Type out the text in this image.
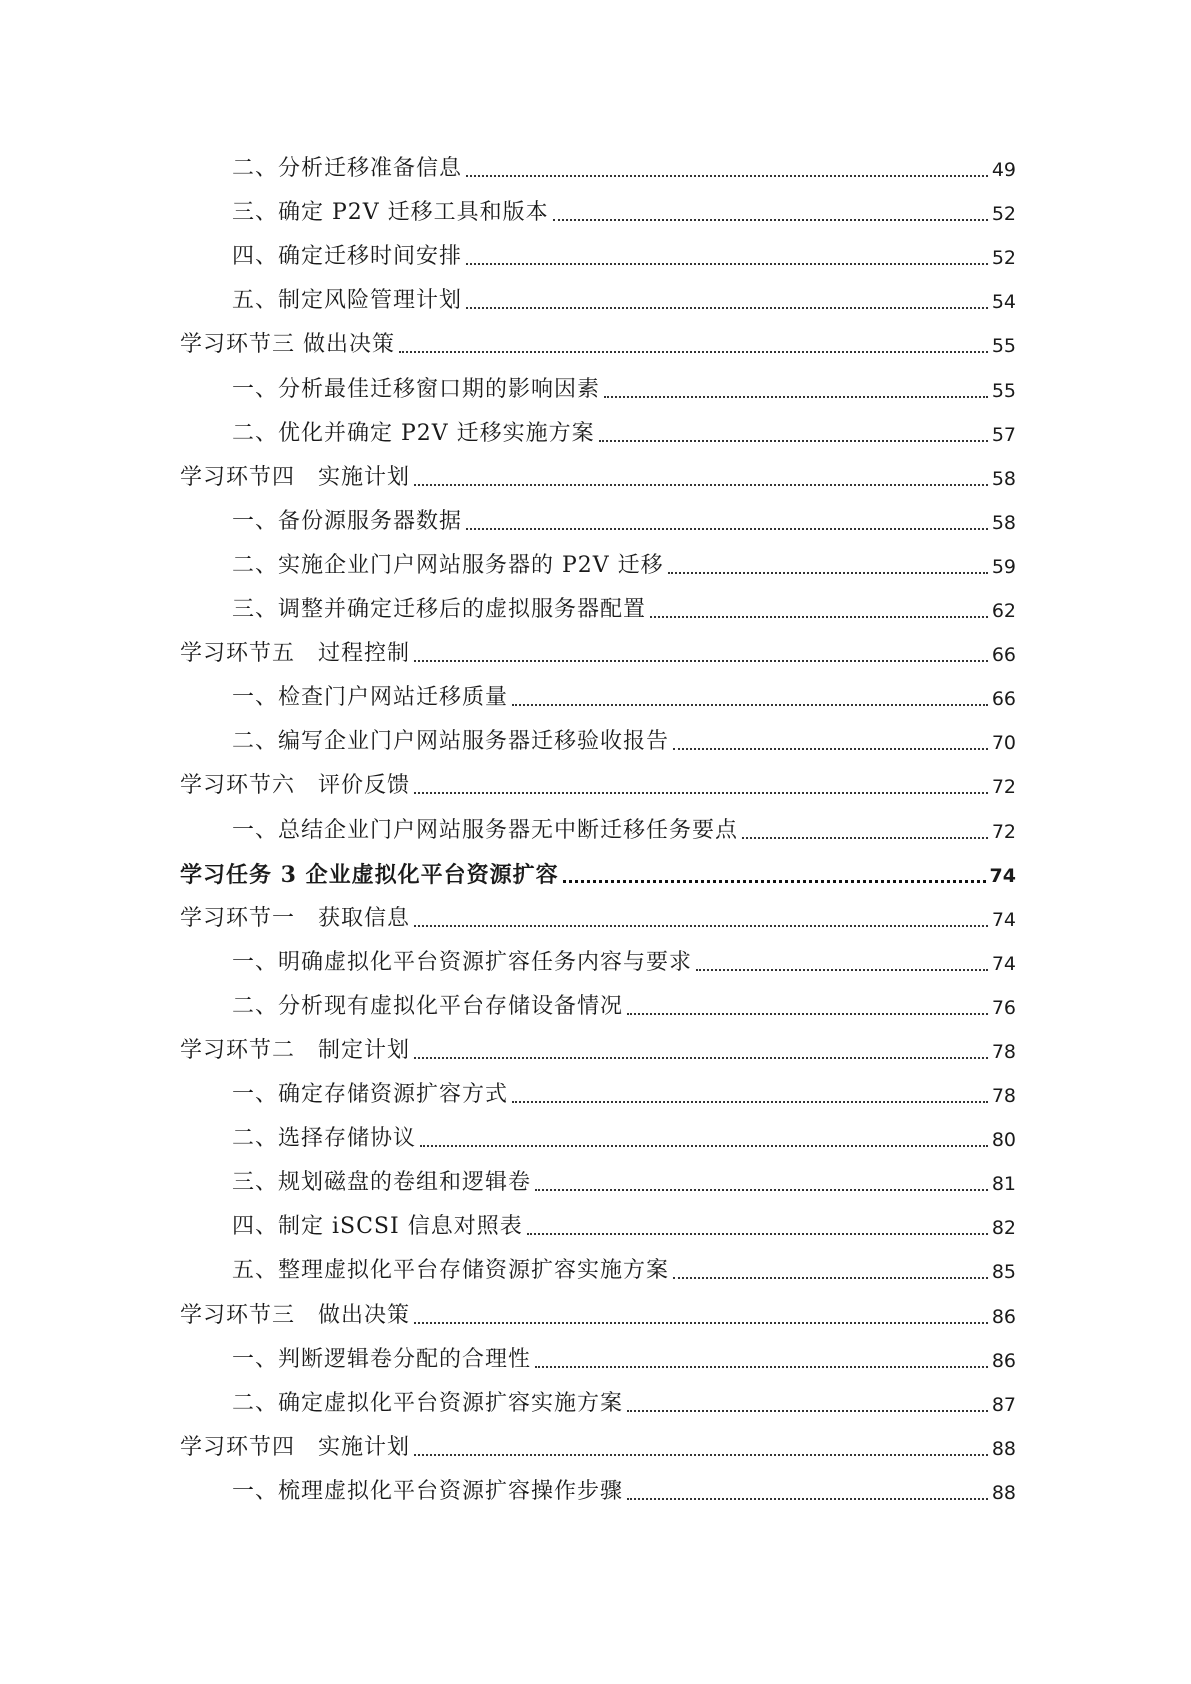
二、分析迁移准备信息	49
三、确定 P2V 迁移工具和版本	52
四、确定迁移时间安排	52
五、制定风险管理计划	54
学习环节三 做出决策	55
一、分析最佳迁移窗口期的影响因素	55
二、优化并确定 P2V 迁移实施方案	57
学习环节四　实施计划	58
一、备份源服务器数据	58
二、实施企业门户网站服务器的 P2V 迁移	59
三、调整并确定迁移后的虚拟服务器配置	62
学习环节五　过程控制	66
一、检查门户网站迁移质量	66
二、编写企业门户网站服务器迁移验收报告	70
学习环节六　评价反馈	72
一、总结企业门户网站服务器无中断迁移任务要点	72
学习任务 3 企业虚拟化平台资源扩容	74
学习环节一　获取信息	74
一、明确虚拟化平台资源扩容任务内容与要求	74
二、分析现有虚拟化平台存储设备情况	76
学习环节二　制定计划	78
一、确定存储资源扩容方式	78
二、选择存储协议	80
三、规划磁盘的卷组和逻辑卷	81
四、制定 iSCSI 信息对照表	82
五、整理虚拟化平台存储资源扩容实施方案	85
学习环节三　做出决策	86
一、判断逻辑卷分配的合理性	86
二、确定虚拟化平台资源扩容实施方案	87
学习环节四　实施计划	88
一、梳理虚拟化平台资源扩容操作步骤	88
